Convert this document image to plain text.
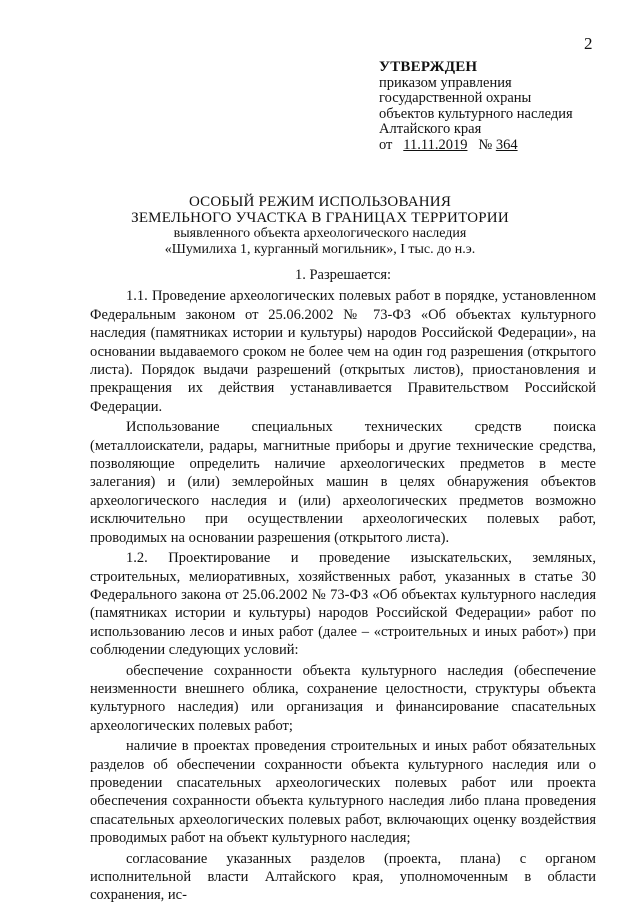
2
УТВЕРЖДЕН
приказом управления
государственной охраны
объектов культурного наследия
Алтайского края
от 11.11.2019 № 364
ОСОБЫЙ РЕЖИМ ИСПОЛЬЗОВАНИЯ
ЗЕМЕЛЬНОГО УЧАСТКА В ГРАНИЦАХ ТЕРРИТОРИИ
выявленного объекта археологического наследия
«Шумилиха 1, курганный могильник», I тыс. до н.э.
1. Разрешается:

1.1. Проведение археологических полевых работ в порядке, установленном Федеральным законом от 25.06.2002 № 73-ФЗ «Об объектах культурного наследия (памятниках истории и культуры) народов Российской Федерации», на основании выдаваемого сроком не более чем на один год разрешения (открытого листа). Порядок выдачи разрешений (открытых листов), приостановления и прекращения их действия устанавливается Правительством Российской Федерации.

Использование специальных технических средств поиска (металлоискатели, радары, магнитные приборы и другие технические средства, позволяющие определить наличие археологических предметов в месте залегания) и (или) землеройных машин в целях обнаружения объектов археологического наследия и (или) археологических предметов возможно исключительно при осуществлении археологических полевых работ, проводимых на основании разрешения (открытого листа).

1.2. Проектирование и проведение изыскательских, земляных, строительных, мелиоративных, хозяйственных работ, указанных в статье 30 Федерального закона от 25.06.2002 № 73-ФЗ «Об объектах культурного наследия (памятниках истории и культуры) народов Российской Федерации» работ по использованию лесов и иных работ (далее – «строительных и иных работ») при соблюдении следующих условий:

обеспечение сохранности объекта культурного наследия (обеспечение неизменности внешнего облика, сохранение целостности, структуры объекта культурного наследия) или организация и финансирование спасательных археологических полевых работ;

наличие в проектах проведения строительных и иных работ обязательных разделов об обеспечении сохранности объекта культурного наследия или о проведении спасательных археологических полевых работ или проекта обеспечения сохранности объекта культурного наследия либо плана проведения спасательных археологических полевых работ, включающих оценку воздействия проводимых работ на объект культурного наследия;

согласование указанных разделов (проекта, плана) с органом исполнительной власти Алтайского края, уполномоченным в области сохранения, ис-
